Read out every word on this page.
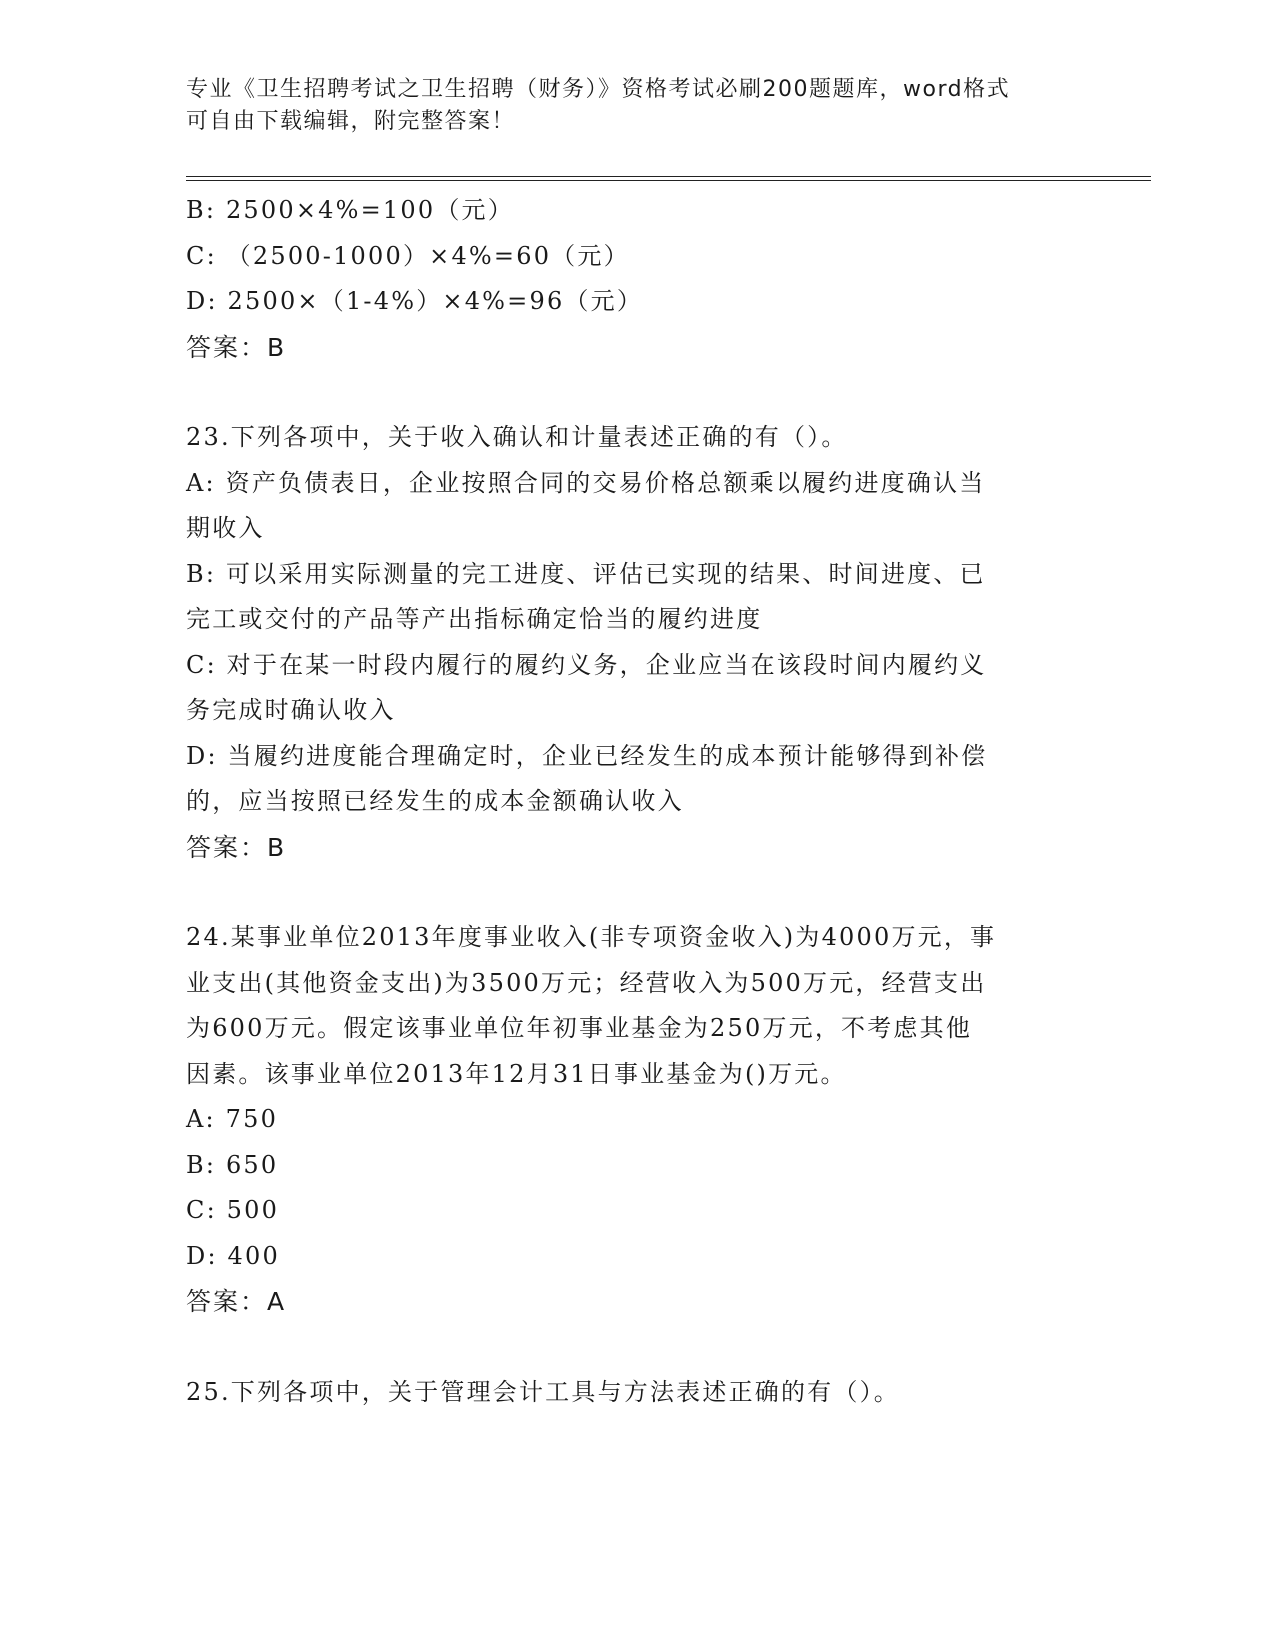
专业《卫生招聘考试之卫生招聘（财务）》资格考试必刷200题题库，word格式
可自由下载编辑，附完整答案！
B: 2500×4%=100（元）
C: （2500-1000）×4%=60（元）
D: 2500×（1-4%）×4%=96（元）
答案：B
23.下列各项中，关于收入确认和计量表述正确的有（）。
A: 资产负债表日，企业按照合同的交易价格总额乘以履约进度确认当
期收入
B: 可以采用实际测量的完工进度、评估已实现的结果、时间进度、已
完工或交付的产品等产出指标确定恰当的履约进度
C: 对于在某一时段内履行的履约义务，企业应当在该段时间内履约义
务完成时确认收入
D: 当履约进度能合理确定时，企业已经发生的成本预计能够得到补偿
的，应当按照已经发生的成本金额确认收入
答案：B
24.某事业单位2013年度事业收入(非专项资金收入)为4000万元，事
业支出(其他资金支出)为3500万元；经营收入为500万元，经营支出
为600万元。假定该事业单位年初事业基金为250万元，不考虑其他
因素。该事业单位2013年12月31日事业基金为()万元。
A: 750
B: 650
C: 500
D: 400
答案：A
25.下列各项中，关于管理会计工具与方法表述正确的有（）。
